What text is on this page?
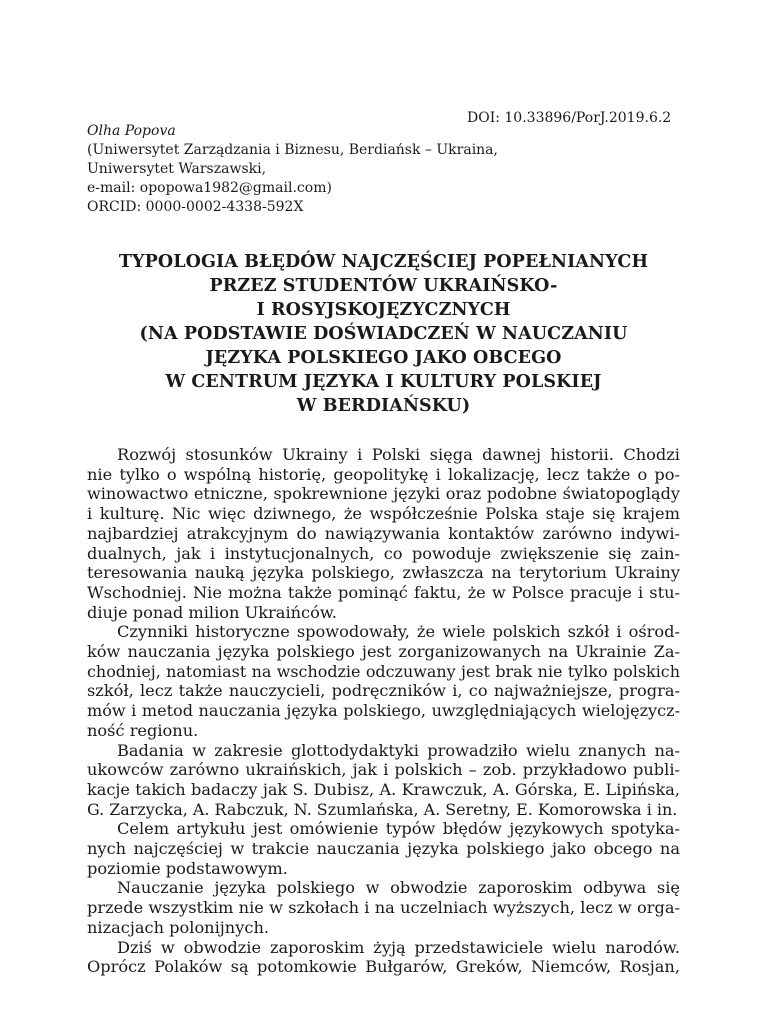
DOI: 10.33896/PorJ.2019.6.2
Olha Popova
(Uniwersytet Zarządzania i Biznesu, Berdiańsk – Ukraina,
Uniwersytet Warszawski,
e-mail: opopowa1982@gmail.com)
ORCID: 0000-0002-4338-592X
TYPOLOGIA BŁĘDÓW NAJCZĘŚCIEJ POPEŁNIANYCH
PRZEZ STUDENTÓW UKRAIŃSKO-
I ROSYJSKOJĘZYCZNYCH
(NA PODSTAWIE DOŚWIADCZEŃ W NAUCZANIU
JĘZYKA POLSKIEGO JAKO OBCEGO
W CENTRUM JĘZYKA I KULTURY POLSKIEJ
W BERDIAŃSKU)
Rozwój stosunków Ukrainy i Polski sięga dawnej historii. Chodzi
nie tylko o wspólną historię, geopolitykę i lokalizację, lecz także o po-
winowactwo etniczne, spokrewnione języki oraz podobne światopoglądy
i kulturę. Nic więc dziwnego, że współcześnie Polska staje się krajem
najbardziej atrakcyjnym do nawiązywania kontaktów zarówno indywi-
dualnych, jak i instytucjonalnych, co powoduje zwiększenie się zain-
teresowania nauką języka polskiego, zwłaszcza na terytorium Ukrainy
Wschodniej. Nie można także pominąć faktu, że w Polsce pracuje i stu-
diuje ponad milion Ukraińców.
Czynniki historyczne spowodowały, że wiele polskich szkół i ośrod-
ków nauczania języka polskiego jest zorganizowanych na Ukrainie Za-
chodniej, natomiast na wschodzie odczuwany jest brak nie tylko polskich
szkół, lecz także nauczycieli, podręczników i, co najważniejsze, progra-
mów i metod nauczania języka polskiego, uwzględniających wielojęzycz-
ność regionu.
Badania w zakresie glottodydaktyki prowadziło wielu znanych na-
ukowców zarówno ukraińskich, jak i polskich – zob. przykładowo publi-
kacje takich badaczy jak S. Dubisz, A. Krawczuk, A. Górska, E. Lipińska,
G. Zarzycka, A. Rabczuk, N. Szumlańska, A. Seretny, E. Komorowska i in.
Celem artykułu jest omówienie typów błędów językowych spotyka-
nych najczęściej w trakcie nauczania języka polskiego jako obcego na
poziomie podstawowym.
Nauczanie języka polskiego w obwodzie zaporoskim odbywa się
przede wszystkim nie w szkołach i na uczelniach wyższych, lecz w orga-
nizacjach polonijnych.
Dziś w obwodzie zaporoskim żyją przedstawiciele wielu narodów.
Oprócz Polaków są potomkowie Bułgarów, Greków, Niemców, Rosjan,
